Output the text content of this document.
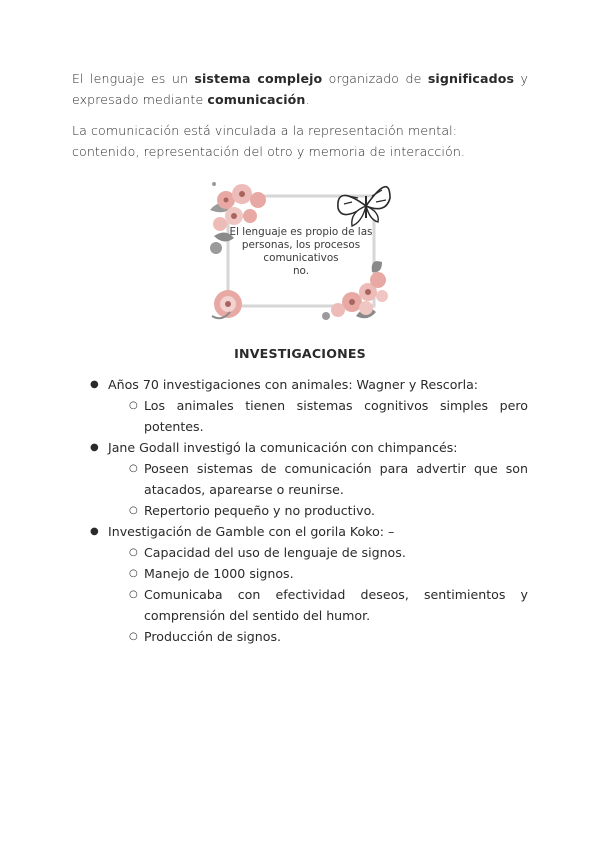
El lenguaje es un sistema complejo organizado de significados y expresado mediante comunicación.

La comunicación está vinculada a la representación mental: contenido, representación del otro y memoria de interacción.

El lenguaje es propio de las
personas, los procesos
comunicativos
no.
INVESTIGACIONES

● Años 70 investigaciones con animales: Wagner y Rescorla:

○ Los animales tienen sistemas cognitivos simples pero potentes.

● Jane Godall investigó la comunicación con chimpancés:

○ Poseen sistemas de comunicación para advertir que son atacados, aparearse o reunirse.

○ Repertorio pequeño y no productivo.

● Investigación de Gamble con el gorila Koko: –

○ Capacidad del uso de lenguaje de signos.

○ Manejo de 1000 signos.

○ Comunicaba con efectividad deseos, sentimientos y comprensión del sentido del humor.

○ Producción de signos.
